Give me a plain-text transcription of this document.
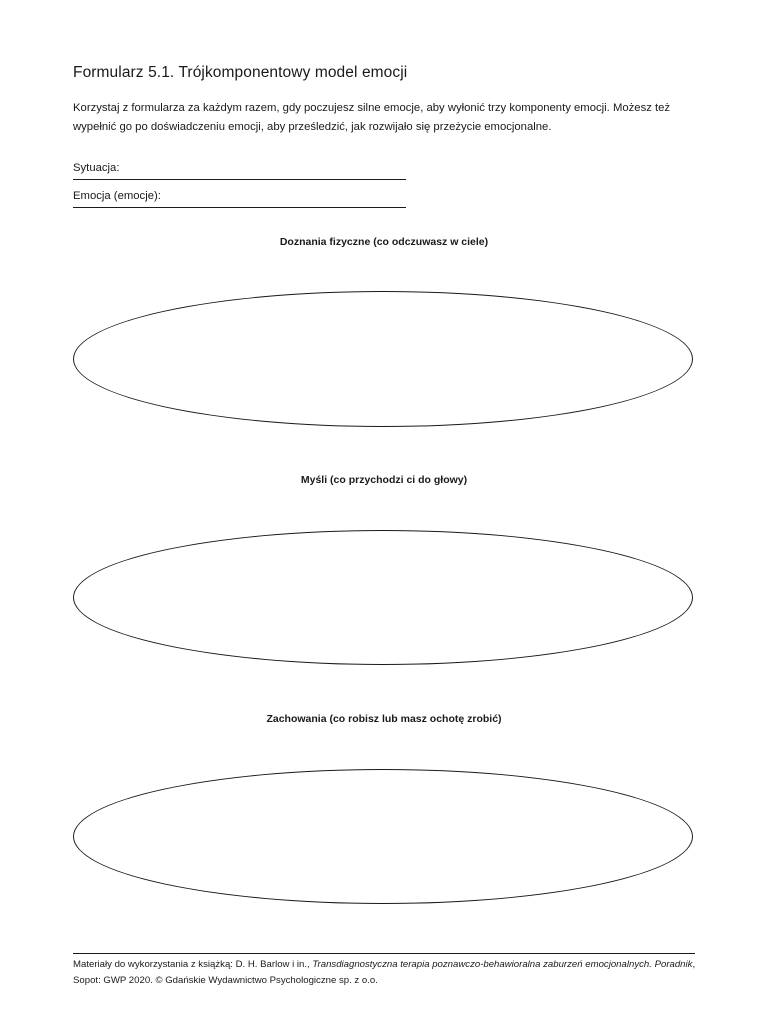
Formularz 5.1. Trójkomponentowy model emocji

Korzystaj z formularza za każdym razem, gdy poczujesz silne emocje, aby wyłonić trzy komponenty emocji. Możesz też wypełnić go po doświadczeniu emocji, aby prześledzić, jak rozwijało się przeżycie emocjonalne.

Sytuacja:
Emocja (emocje):
Doznania fizyczne (co odczuwasz w ciele)
Myśli (co przychodzi ci do głowy)
Zachowania (co robisz lub masz ochotę zrobić)

Materiały do wykorzystania z książką: D. H. Barlow i in., Transdiagnostyczna terapia poznawczo-behawioralna zaburzeń emocjonalnych. Poradnik, Sopot: GWP 2020. © Gdańskie Wydawnictwo Psychologiczne sp. z o.o.
